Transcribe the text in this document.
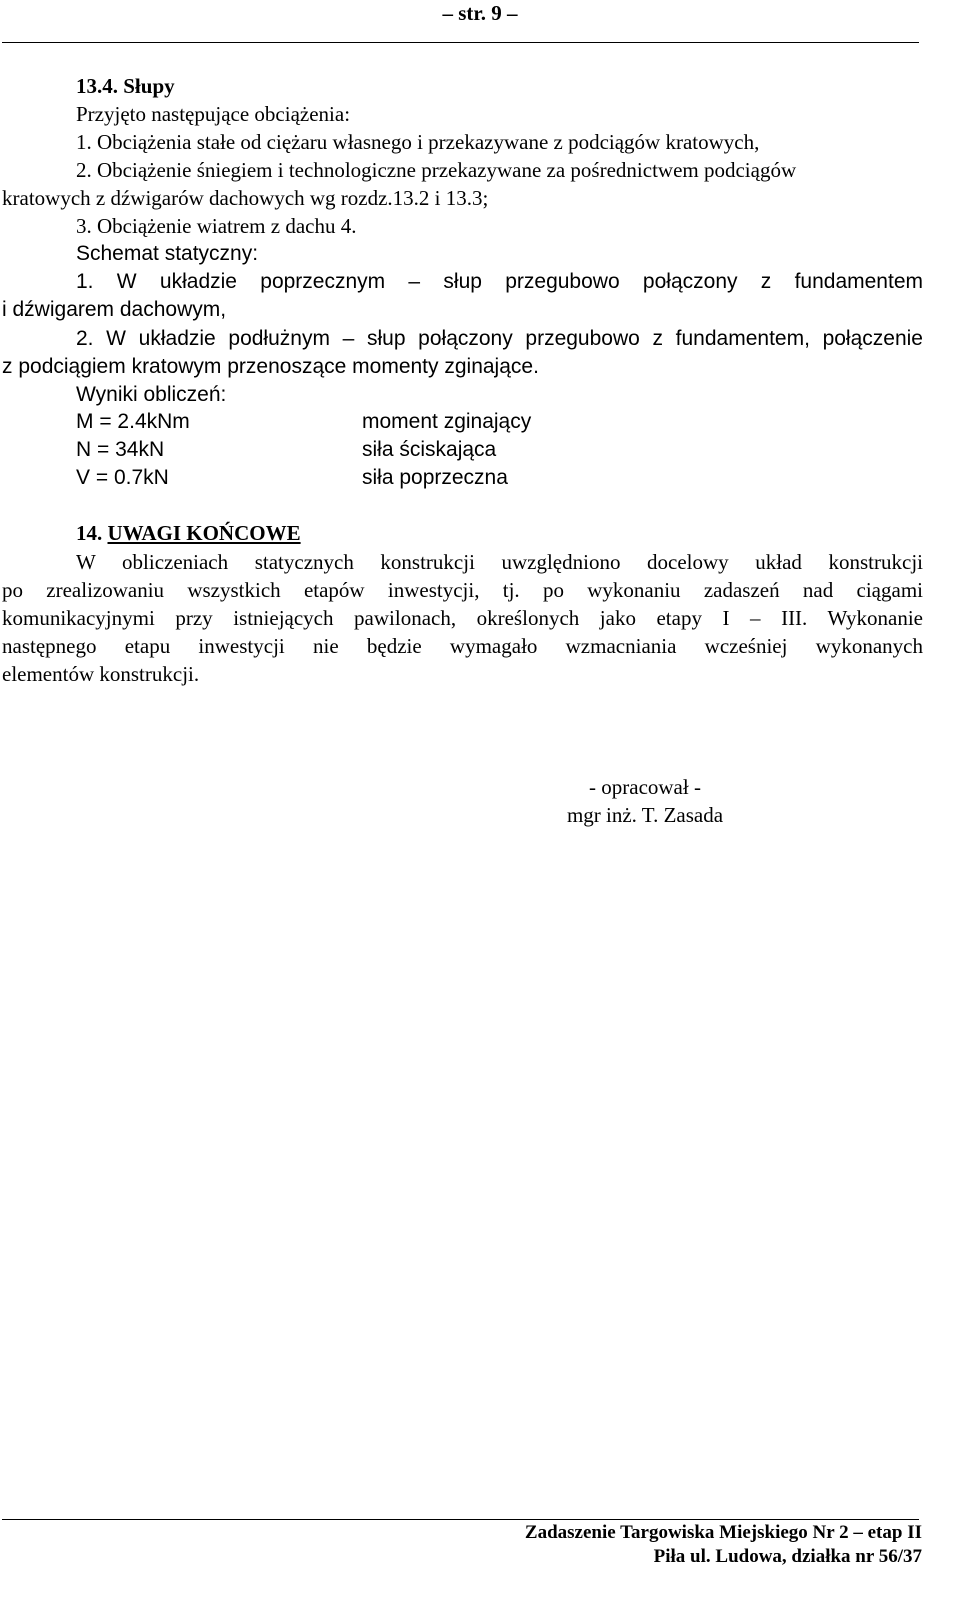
– str. 9 –
13.4. Słupy
Przyjęto następujące obciążenia:
1. Obciążenia stałe od ciężaru własnego i przekazywane z podciągów kratowych,
2. Obciążenie śniegiem i technologiczne przekazywane za pośrednictwem podciągów
kratowych z dźwigarów dachowych wg rozdz.13.2 i 13.3;
3. Obciążenie wiatrem z dachu 4.
Schemat statyczny:
1. W układzie poprzecznym – słup przegubowo połączony z fundamentem
i dźwigarem dachowym,
2. W układzie podłużnym – słup połączony przegubowo z fundamentem, połączenie
z podciągiem kratowym przenoszące momenty zginające.
Wyniki obliczeń:
M = 2.4kNm	moment zginający
N = 34kN	siła ściskająca
V = 0.7kN	siła poprzeczna
14. UWAGI KOŃCOWE
W obliczeniach statycznych konstrukcji uwzględniono docelowy układ konstrukcji
po zrealizowaniu wszystkich etapów inwestycji, tj. po wykonaniu zadaszeń nad ciągami
komunikacyjnymi przy istniejących pawilonach, określonych jako etapy I – III. Wykonanie
następnego etapu inwestycji nie będzie wymagało wzmacniania wcześniej wykonanych
elementów konstrukcji.
- opracował -
mgr inż. T. Zasada
Zadaszenie Targowiska Miejskiego Nr 2 – etap II
Piła ul. Ludowa, działka nr 56/37
